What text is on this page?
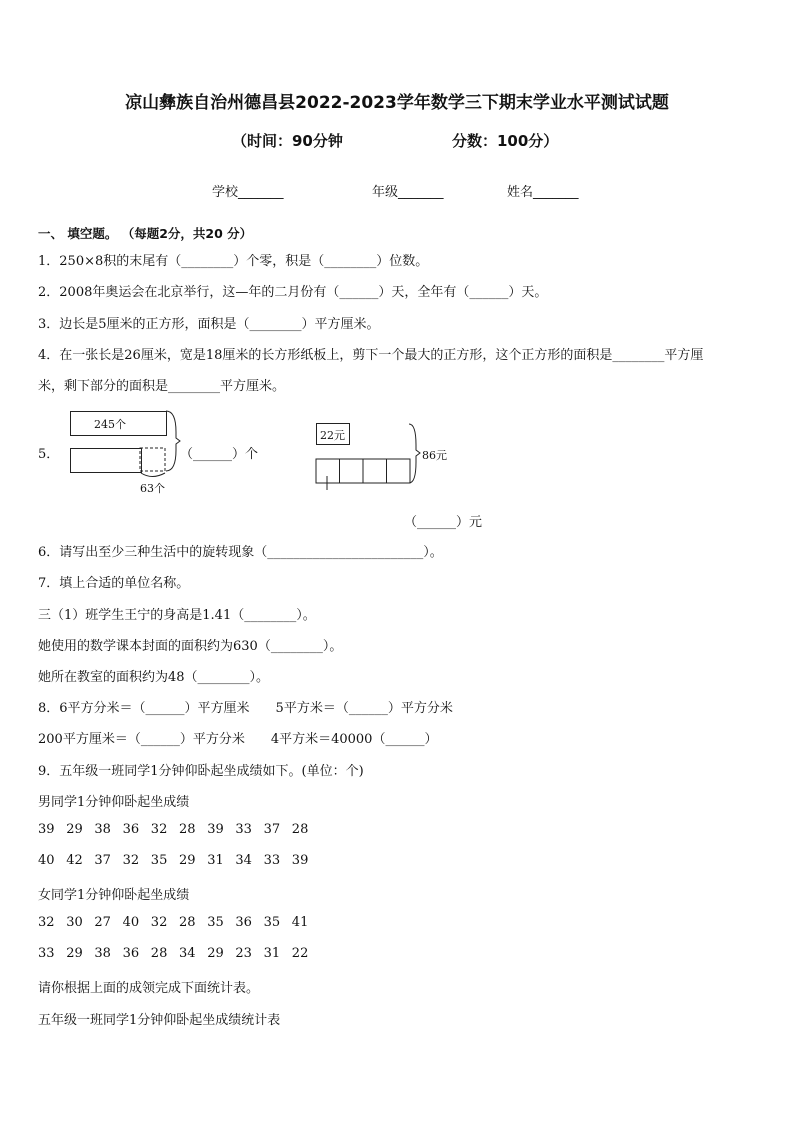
凉山彝族自治州德昌县2022-2023学年数学三下期末学业水平测试试题
（时间：90分钟	分数：100分）
学校_______	年级_______	姓名_______
一、 填空题。 （每题2分，共20 分）
1．250×8积的末尾有（________）个零，积是（________）位数。
2．2008年奥运会在北京举行，这—年的二月份有（______）天，全年有（______）天。
3．边长是5厘米的正方形，面积是（________）平方厘米。
4．在一张长是26厘米，宽是18厘米的长方形纸板上，剪下一个最大的正方形，这个正方形的面积是________平方厘
米，剩下部分的面积是________平方厘米。
5．
245个
63个
（______）个
22元
86元
（______）元
6．请写出至少三种生活中的旋转现象（________________________）。
7．填上合适的单位名称。
三（1）班学生王宁的身高是1.41（________）。
她使用的数学课本封面的面积约为630（________）。
她所在教室的面积约为48（________）。
8．6平方分米＝（______）平方厘米　　5平方米＝（______）平方分米
200平方厘米＝（______）平方分米　　4平方米＝40000（______）
9．五年级一班同学1分钟仰卧起坐成绩如下。(单位：个)
男同学1分钟仰卧起坐成绩
39 29 38 36 32 28 39 33 37 28
40 42 37 32 35 29 31 34 33 39
女同学1分钟仰卧起坐成绩
32 30 27 40 32 28 35 36 35 41
33 29 38 36 28 34 29 23 31 22
请你根据上面的成领完成下面统计表。
五年级一班同学1分钟仰卧起坐成绩统计表
